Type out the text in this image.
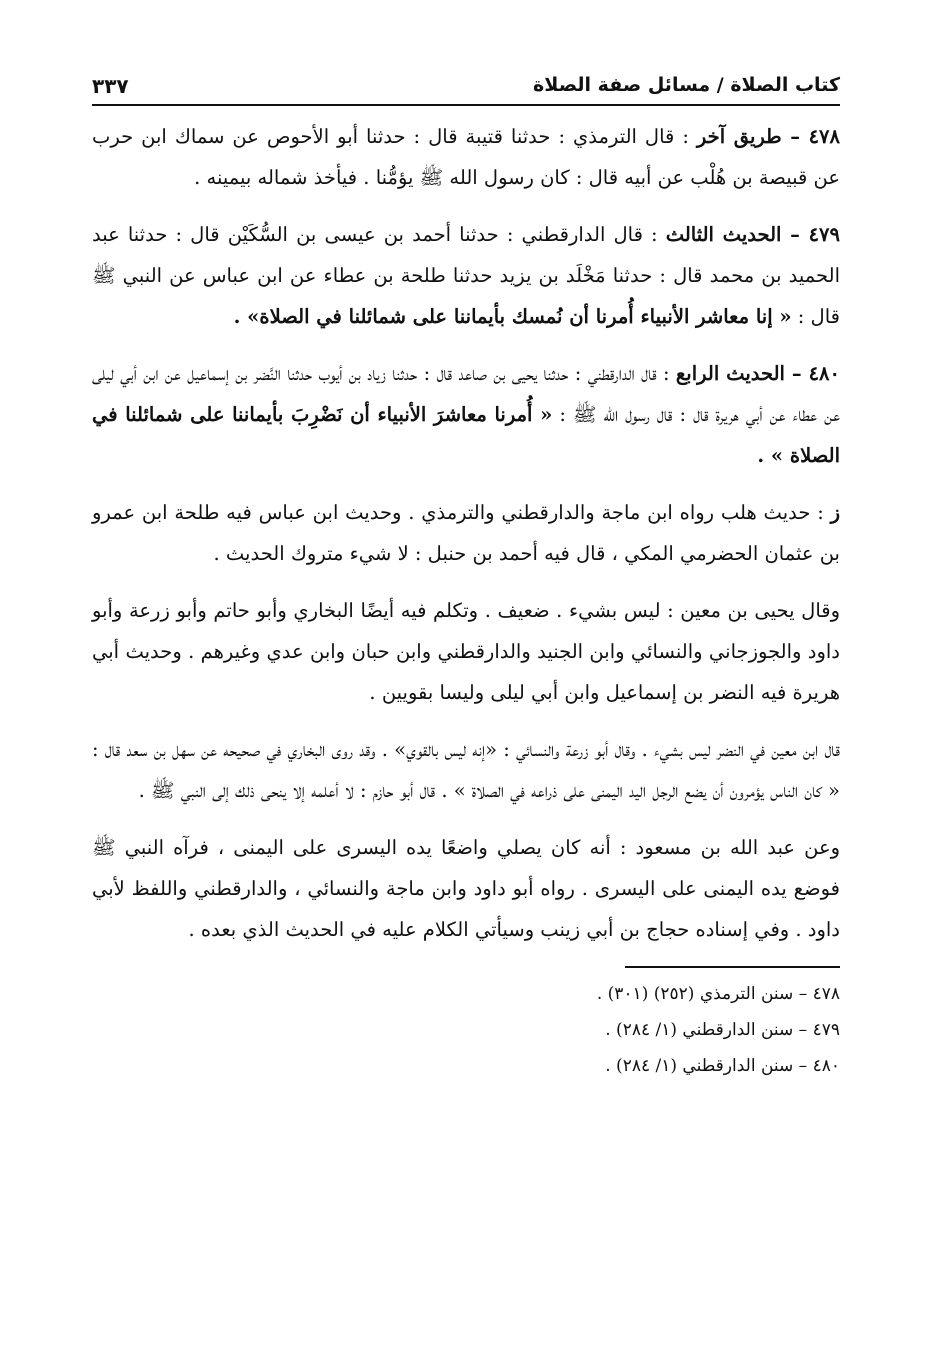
كتاب الصلاة / مسائل صفة الصلاة
٣٣٧

٤٧٨ – طريق آخر : قال الترمذي : حدثنا قتيبة قال : حدثنا أبو الأحوص عن سماك ابن حرب عن قبيصة بن هُلْب عن أبيه قال : كان رسول الله ﷺ يؤمُّنا . فيأخذ شماله بيمينه .

٤٧٩ – الحديث الثالث : قال الدارقطني : حدثنا أحمد بن عيسى بن السُّكَيْن قال : حدثنا عبد الحميد بن محمد قال : حدثنا مَخْلَد بن يزيد حدثنا طلحة بن عطاء عن ابن عباس عن النبي ﷺ قال : « إنا معاشر الأنبياء أُمرنا أن نُمسك بأيماننا على شمائلنا في الصلاة» .

٤٨٠ – الحديث الرابع : قال الدارقطني : حدثنا يحيى بن صاعد قال : حدثنا زياد بن أيوب حدثنا النَّضر بن إسماعيل عن ابن أبي ليلى عن عطاء عن أبي هريرة قال : قال رسول الله ﷺ : « أُمرنا معاشرَ الأنبياء أن نَضْرِبَ بأيماننا على شمائلنا في الصلاة » .

ز : حديث هلب رواه ابن ماجة والدارقطني والترمذي . وحديث ابن عباس فيه طلحة ابن عمرو بن عثمان الحضرمي المكي ، قال فيه أحمد بن حنبل : لا شيء متروك الحديث .

وقال يحيى بن معين : ليس بشيء . ضعيف . وتكلم فيه أيضًا البخاري وأبو حاتم وأبو زرعة وأبو داود والجوزجاني والنسائي وابن الجنيد والدارقطني وابن حبان وابن عدي وغيرهم . وحديث أبي هريرة فيه النضر بن إسماعيل وابن أبي ليلى وليسا بقويين .

قال ابن معين في النضر ليس بشيء . وقال أبو زرعة والنسائي : «إنه ليس بالقوي» . وقد روى البخاري في صحيحه عن سهل بن سعد قال : « كان الناس يؤمرون أن يضع الرجل اليد اليمنى على ذراعه في الصلاة » . قال أبو حازم : لا أعلمه إلا ينحى ذلك إلى النبي ﷺ .

وعن عبد الله بن مسعود : أنه كان يصلي واضعًا يده اليسرى على اليمنى ، فرآه النبي ﷺ فوضع يده اليمنى على اليسرى . رواه أبو داود وابن ماجة والنسائي ، والدارقطني واللفظ لأبي داود . وفي إسناده حجاج بن أبي زينب وسيأتي الكلام عليه في الحديث الذي بعده .

٤٧٨ – سنن الترمذي (٢٥٢) (٣٠١) .
٤٧٩ – سنن الدارقطني (١/ ٢٨٤) .
٤٨٠ – سنن الدارقطني (١/ ٢٨٤) .
